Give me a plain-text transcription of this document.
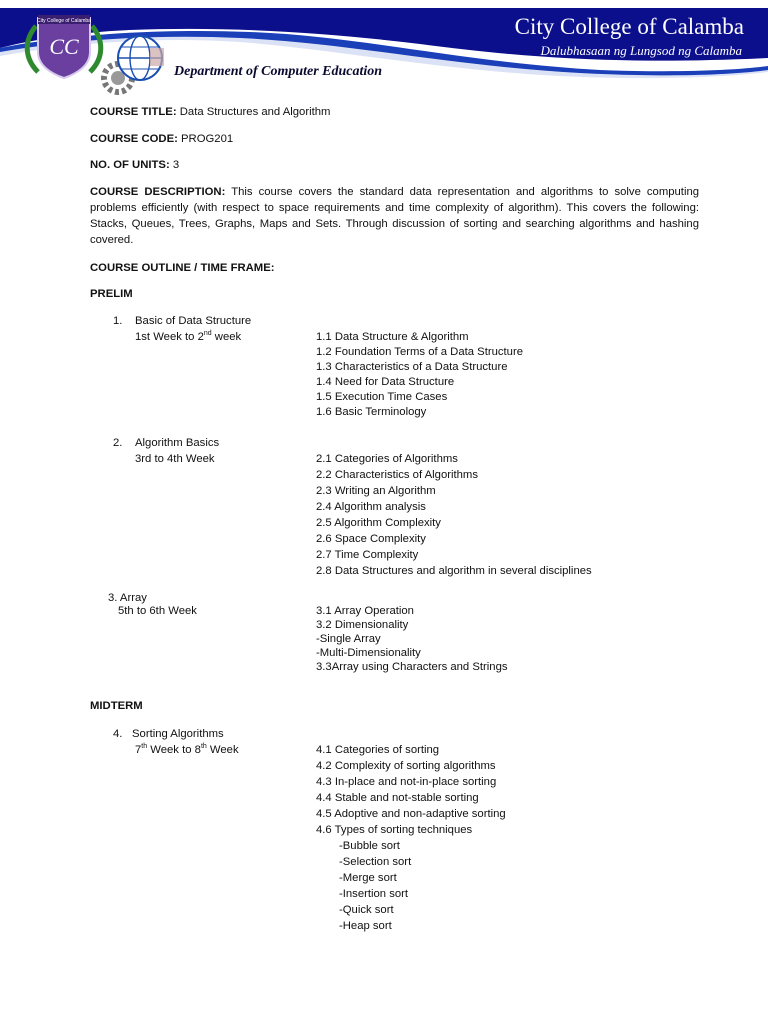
City College of Calamba
CC
City College of Calamba
Dalubhasaan ng Lungsod ng Calamba
Department of Computer Education
COURSE TITLE: Data Structures and Algorithm
COURSE CODE: PROG201
NO. OF UNITS: 3
COURSE DESCRIPTION: This course covers the standard data representation and algorithms to solve computing problems efficiently (with respect to space requirements and time complexity of algorithm). This covers the following: Stacks, Queues, Trees, Graphs, Maps and Sets. Through discussion of sorting and searching algorithms and hashing covered.
COURSE OUTLINE / TIME FRAME:
PRELIM
1. Basic of Data Structure
1st Week to 2nd week	1.1 Data Structure & Algorithm
1.2 Foundation Terms of a Data Structure
1.3 Characteristics of a Data Structure
1.4 Need for Data Structure
1.5 Execution Time Cases
1.6 Basic Terminology
2. Algorithm Basics
3rd to 4th Week	2.1 Categories of Algorithms
2.2 Characteristics of Algorithms
2.3 Writing an Algorithm
2.4 Algorithm analysis
2.5 Algorithm Complexity
2.6 Space Complexity
2.7 Time Complexity
2.8 Data Structures and algorithm in several disciplines
3. Array
5th to 6th Week	3.1 Array Operation
3.2 Dimensionality
-Single Array
-Multi-Dimensionality
3.3Array using Characters and Strings
MIDTERM
4. Sorting Algorithms
7th Week to 8th Week	4.1 Categories of sorting
4.2 Complexity of sorting algorithms
4.3 In-place and not-in-place sorting
4.4 Stable and not-stable sorting
4.5 Adoptive and non-adaptive sorting
4.6 Types of sorting techniques
-Bubble sort
-Selection sort
-Merge sort
-Insertion sort
-Quick sort
-Heap sort
